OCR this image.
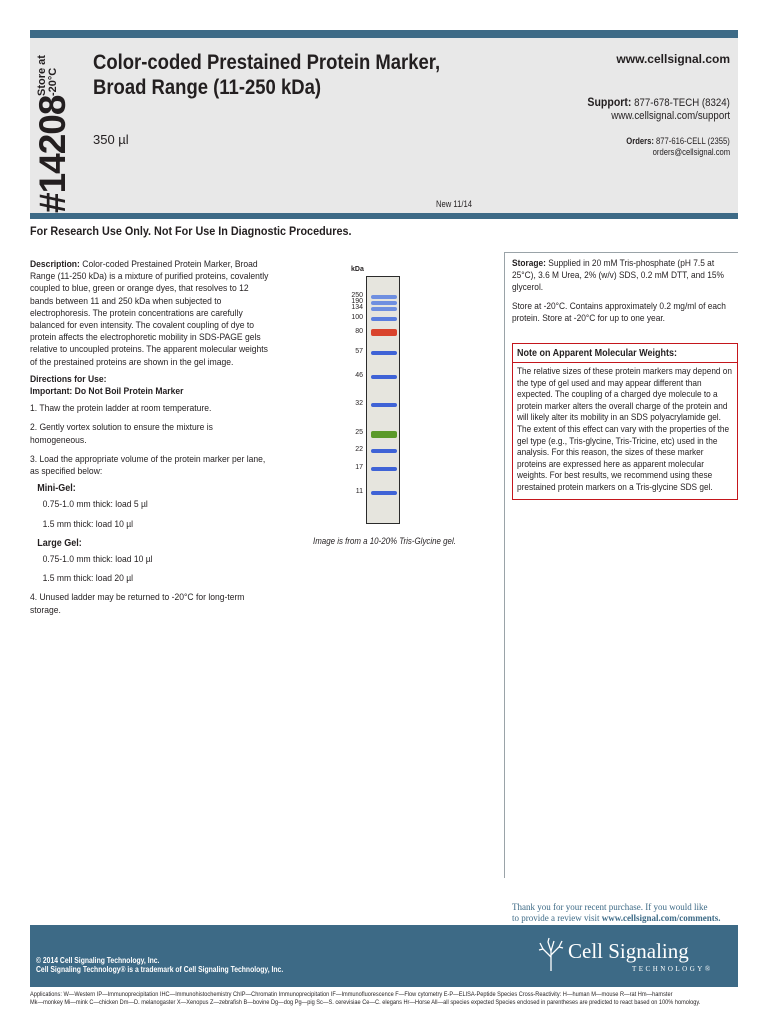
Store at -20°C
#14208
Color-coded Prestained Protein Marker,
Broad Range (11-250 kDa)
350 µl
New 11/14
www.cellsignal.com
Support: 877-678-TECH (8324)
www.cellsignal.com/support
Orders: 877-616-CELL (2355)
orders@cellsignal.com
For Research Use Only. Not For Use In Diagnostic Procedures.

Description: Color-coded Prestained Protein Marker, Broad Range (11-250 kDa) is a mixture of purified proteins, covalently coupled to blue, green or orange dyes, that resolves to 12 bands between 11 and 250 kDa when subjected to electrophoresis. The protein concentrations are carefully balanced for even intensity. The covalent coupling of dye to protein affects the electrophoretic mobility in SDS-PAGE gels relative to uncoupled proteins. The apparent molecular weights of the prestained proteins are shown in the gel image.

Directions for Use:

Important: Do Not Boil Protein Marker

1. Thaw the protein ladder at room temperature.

2. Gently vortex solution to ensure the mixture is homogeneous.

3. Load the appropriate volume of the protein marker per lane, as specified below:

Mini-Gel:

0.75-1.0 mm thick: load 5 µl

1.5 mm thick: load 10 µl

Large Gel:

0.75-1.0 mm thick: load 10 µl

1.5 mm thick: load 20 µl

4. Unused ladder may be returned to -20°C for long-term storage.

kDa
250
190
134
100
80
57
46
32
25
22
17
11
Image is from a 10-20% Tris-Glycine gel.

Storage: Supplied in 20 mM Tris-phosphate (pH 7.5 at 25°C), 3.6 M Urea, 2% (w/v) SDS, 0.2 mM DTT, and 15% glycerol.

Store at -20°C. Contains approximately 0.2 mg/ml of each protein. Store at -20°C for up to one year.

Note on Apparent Molecular Weights:
The relative sizes of these protein markers may depend on the type of gel used and may appear different than expected. The coupling of a charged dye molecule to a protein marker alters the overall charge of the protein and will likely alter its mobility in an SDS polyacrylamide gel. The extent of this effect can vary with the properties of the gel type (e.g., Tris-glycine, Tris-Tricine, etc) used in the analysis. For this reason, the sizes of these marker proteins are expressed here as apparent molecular weights. For best results, we recommend using these prestained protein markers on a Tris-glycine SDS gel.
Thank you for your recent purchase. If you would like
to provide a review visit www.cellsignal.com/comments.
© 2014 Cell Signaling Technology, Inc.
Cell Signaling Technology® is a trademark of Cell Signaling Technology, Inc.
Cell Signaling
TECHNOLOGY®
Applications: W—Western IP—Immunoprecipitation IHC—Immunohistochemistry ChIP—Chromatin Immunoprecipitation IF—Immunofluorescence F—Flow cytometry E-P—ELISA-Peptide Species Cross-Reactivity: H—human M—mouse R—rat Hm—hamster
Mk—monkey Mi—mink C—chicken Dm—D. melanogaster X—Xenopus Z—zebrafish B—bovine Dg—dog Pg—pig Sc—S. cerevisiae Ce—C. elegans Hr—Horse All—all species expected Species enclosed in parentheses are predicted to react based on 100% homology.
